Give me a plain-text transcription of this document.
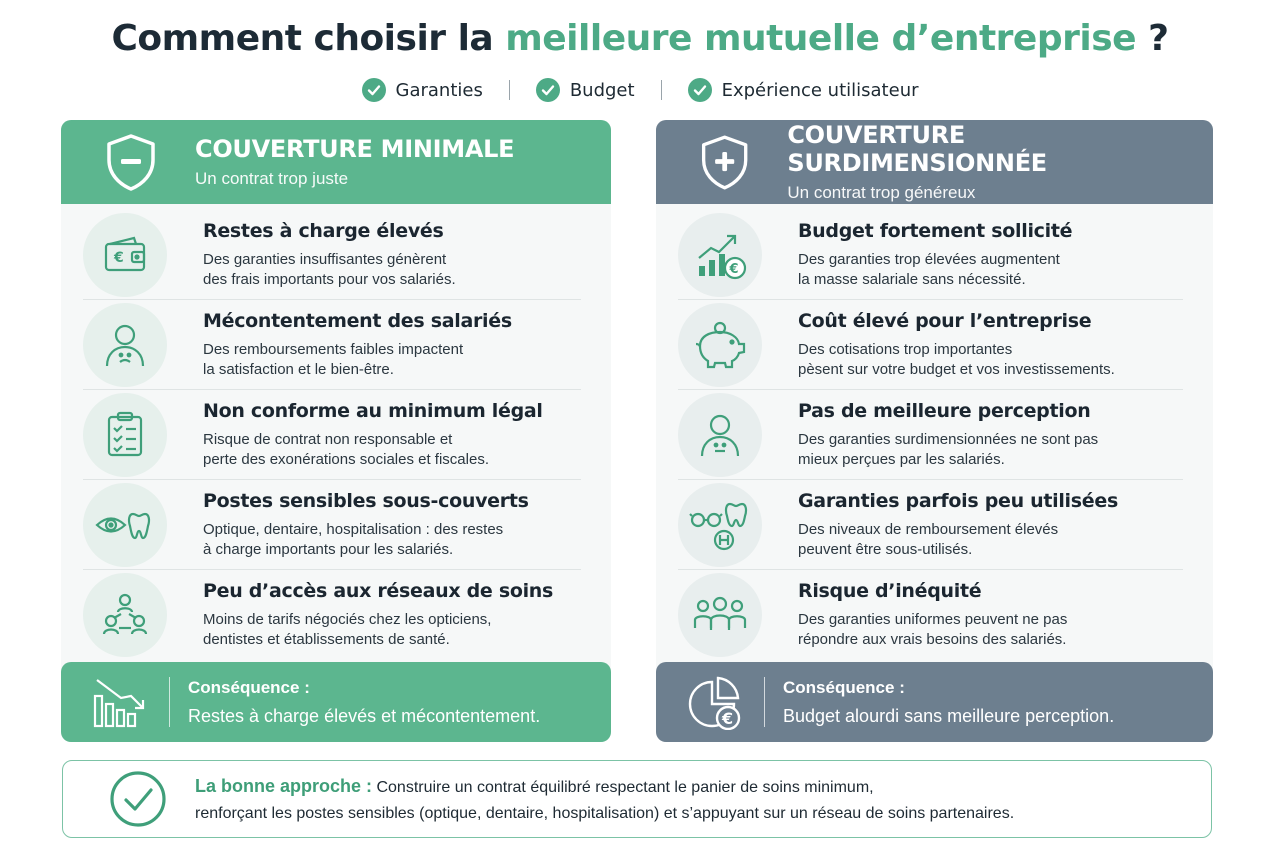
Comment choisir la meilleure mutuelle d’entreprise ?
Garanties	Budget	Expérience utilisateur
COUVERTURE MINIMALE
Un contrat trop juste
€
Restes à charge élevés
Des garanties insuffisantes génèrent
des frais importants pour vos salariés.
Mécontentement des salariés
Des remboursements faibles impactent
la satisfaction et le bien-être.
Non conforme au minimum légal
Risque de contrat non responsable et
perte des exonérations sociales et fiscales.
Postes sensibles sous-couverts
Optique, dentaire, hospitalisation : des restes
à charge importants pour les salariés.
Peu d’accès aux réseaux de soins
Moins de tarifs négociés chez les opticiens,
dentistes et établissements de santé.
COUVERTURE SURDIMENSIONNÉE
Un contrat trop généreux
€
Budget fortement sollicité
Des garanties trop élevées augmentent
la masse salariale sans nécessité.
Coût élevé pour l’entreprise
Des cotisations trop importantes
pèsent sur votre budget et vos investissements.
Pas de meilleure perception
Des garanties surdimensionnées ne sont pas
mieux perçues par les salariés.
Garanties parfois peu utilisées
Des niveaux de remboursement élevés
peuvent être sous-utilisés.
Risque d’inéquité
Des garanties uniformes peuvent ne pas
répondre aux vrais besoins des salariés.
Conséquence :
Restes à charge élevés et mécontentement.	€
Conséquence :
Budget alourdi sans meilleure perception.
La bonne approche : Construire un contrat équilibré respectant le panier de soins minimum,
renforçant les postes sensibles (optique, dentaire, hospitalisation) et s’appuyant sur un réseau de soins partenaires.
